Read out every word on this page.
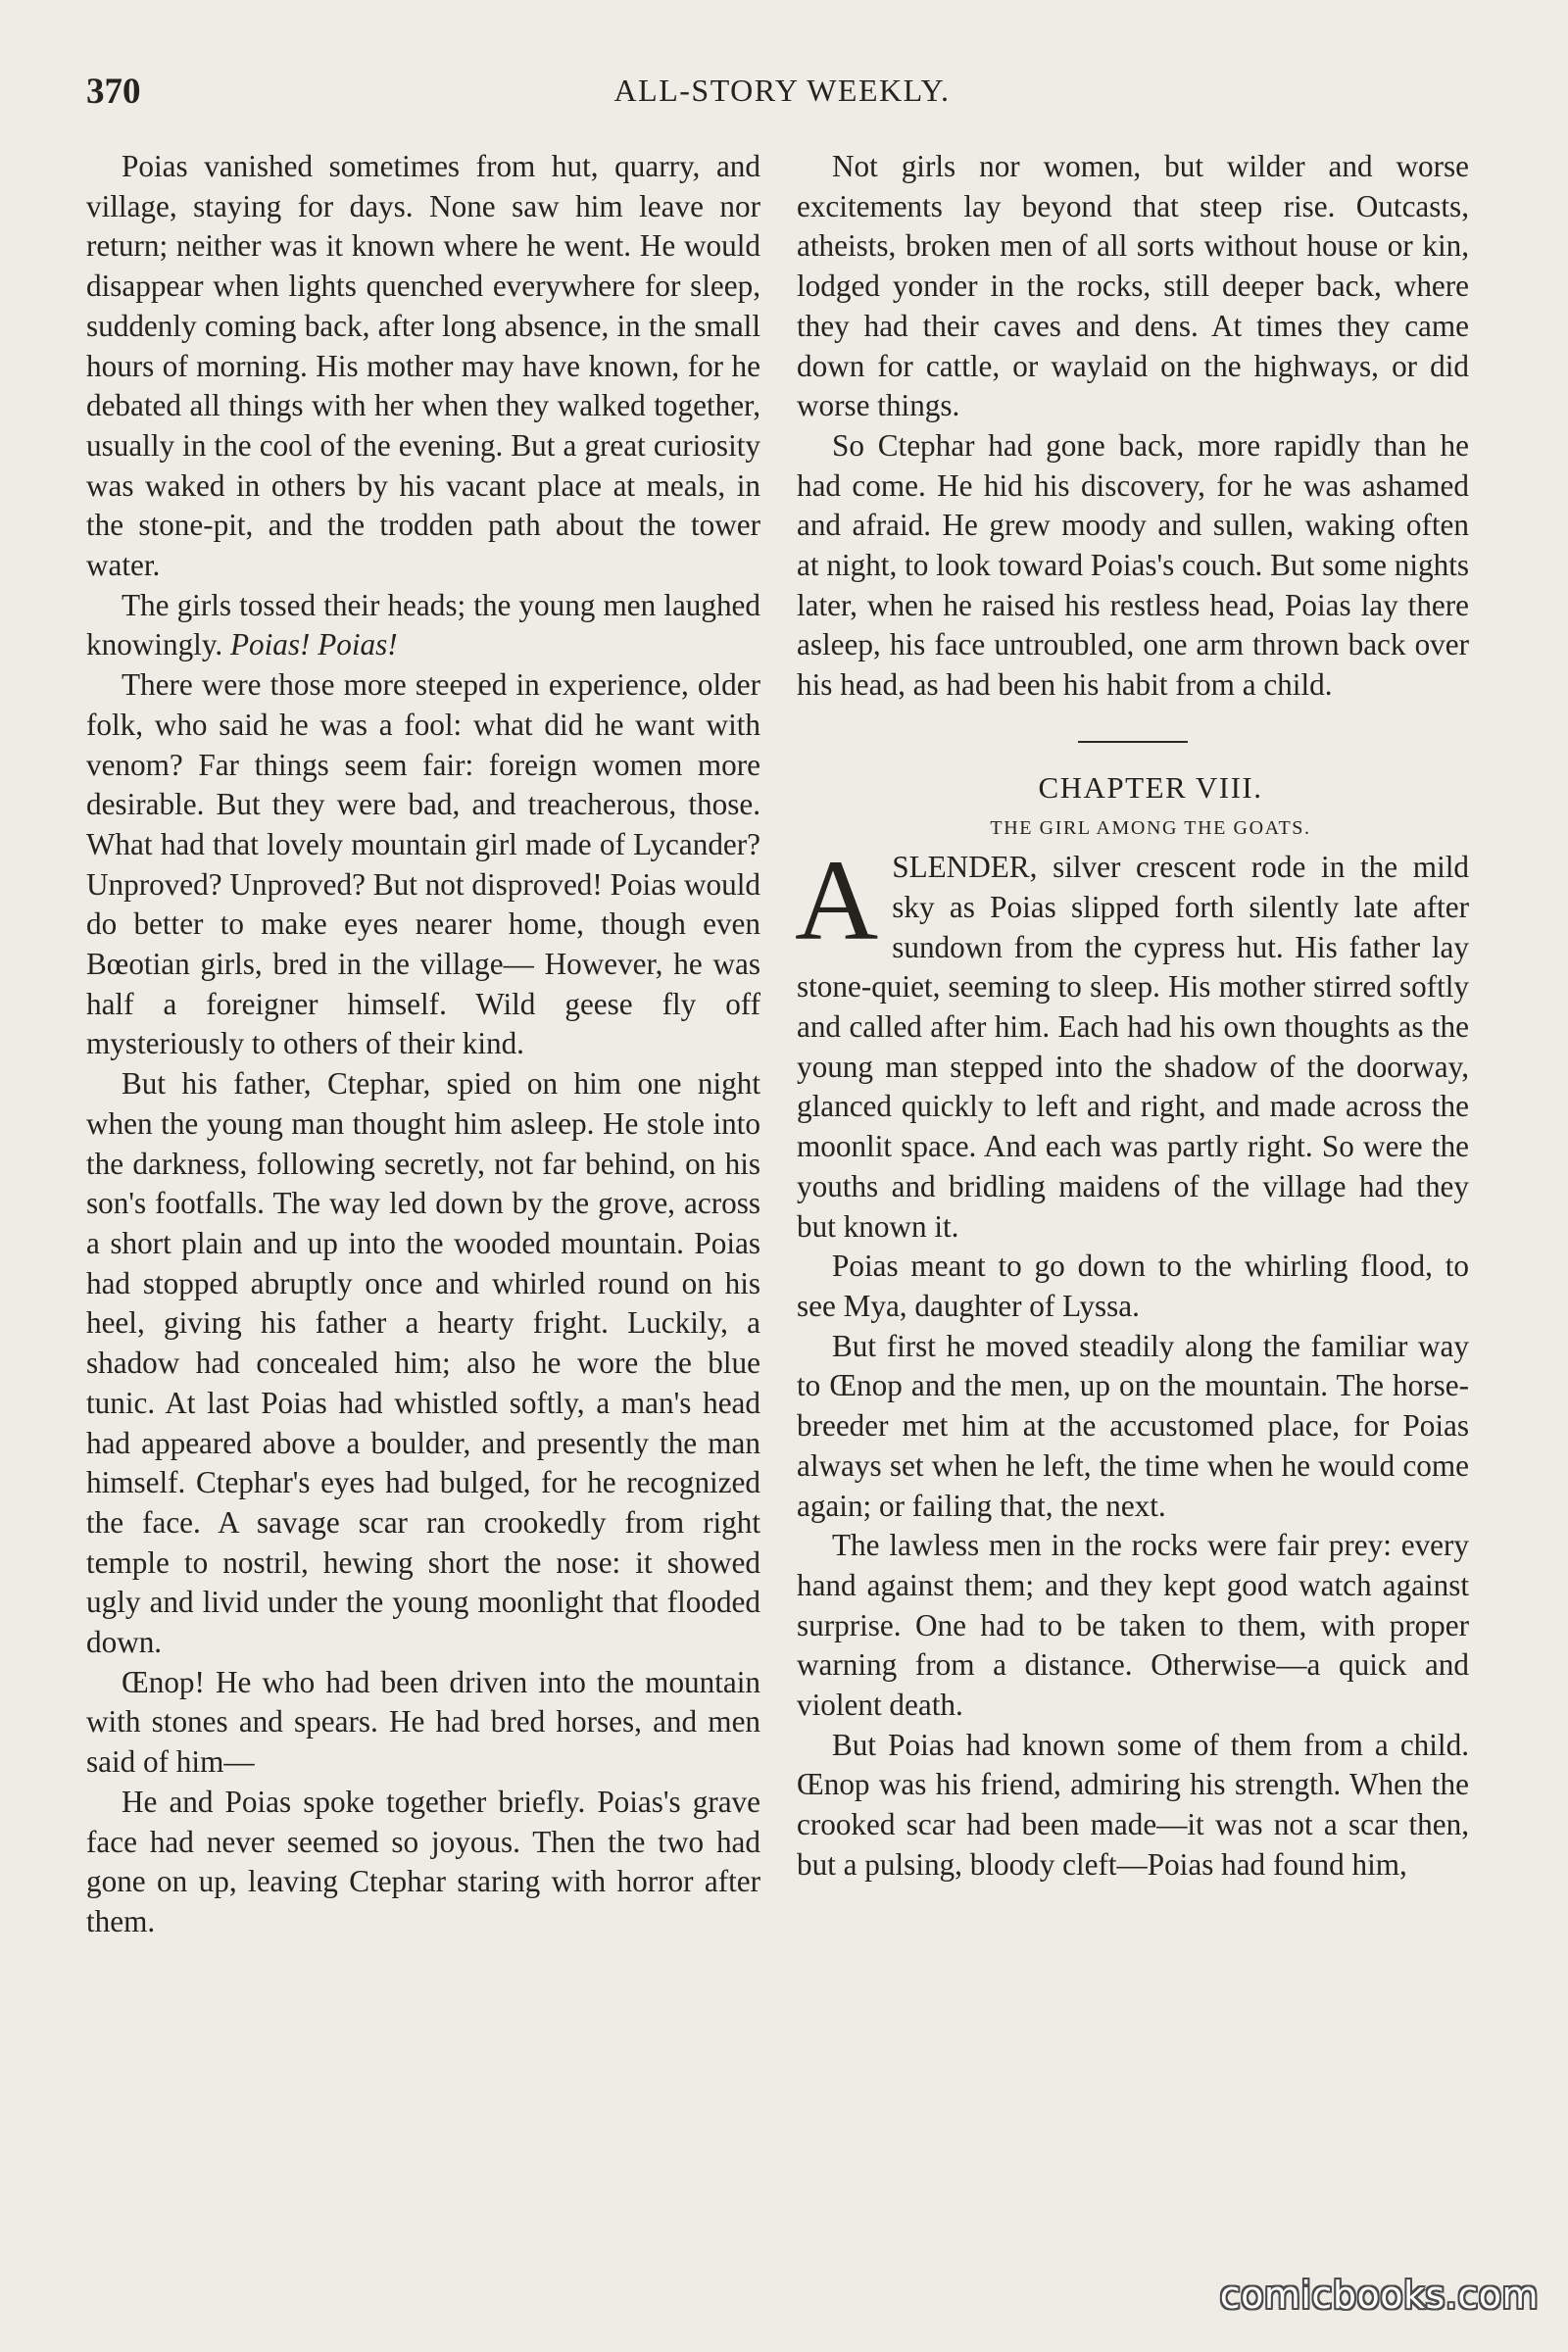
370	ALL-STORY WEEKLY.

Poias vanished sometimes from hut, quarry, and village, staying for days. None saw him leave nor return; neither was it known where he went. He would disappear when lights quenched everywhere for sleep, suddenly coming back, after long absence, in the small hours of morning. His mother may have known, for he debated all things with her when they walked together, usually in the cool of the evening. But a great curiosity was waked in others by his vacant place at meals, in the stone-pit, and the trodden path about the tower water.

The girls tossed their heads; the young men laughed knowingly. Poias! Poias!

There were those more steeped in experience, older folk, who said he was a fool: what did he want with venom? Far things seem fair: foreign women more desirable. But they were bad, and treacherous, those. What had that lovely mountain girl made of Lycander? Unproved? Unproved? But not disproved! Poias would do better to make eyes nearer home, though even Bœotian girls, bred in the village— However, he was half a foreigner himself. Wild geese fly off mysteriously to others of their kind.

But his father, Ctephar, spied on him one night when the young man thought him asleep. He stole into the darkness, following secretly, not far behind, on his son's footfalls. The way led down by the grove, across a short plain and up into the wooded mountain. Poias had stopped abruptly once and whirled round on his heel, giving his father a hearty fright. Luckily, a shadow had concealed him; also he wore the blue tunic. At last Poias had whistled softly, a man's head had appeared above a boulder, and presently the man himself. Ctephar's eyes had bulged, for he recognized the face. A savage scar ran crookedly from right temple to nostril, hewing short the nose: it showed ugly and livid under the young moonlight that flooded down.

Œnop! He who had been driven into the mountain with stones and spears. He had bred horses, and men said of him—

He and Poias spoke together briefly. Poias's grave face had never seemed so joyous. Then the two had gone on up, leaving Ctephar staring with horror after them.

Not girls nor women, but wilder and worse excitements lay beyond that steep rise. Outcasts, atheists, broken men of all sorts without house or kin, lodged yonder in the rocks, still deeper back, where they had their caves and dens. At times they came down for cattle, or waylaid on the highways, or did worse things.

So Ctephar had gone back, more rapidly than he had come. He hid his discovery, for he was ashamed and afraid. He grew moody and sullen, waking often at night, to look toward Poias's couch. But some nights later, when he raised his restless head, Poias lay there asleep, his face untroubled, one arm thrown back over his head, as had been his habit from a child.

CHAPTER VIII.

THE GIRL AMONG THE GOATS.

ASLENDER, silver crescent rode in the mild sky as Poias slipped forth silently late after sundown from the cypress hut. His father lay stone-quiet, seeming to sleep. His mother stirred softly and called after him. Each had his own thoughts as the young man stepped into the shadow of the doorway, glanced quickly to left and right, and made across the moonlit space. And each was partly right. So were the youths and bridling maidens of the village had they but known it.

Poias meant to go down to the whirling flood, to see Mya, daughter of Lyssa.

But first he moved steadily along the familiar way to Œnop and the men, up on the mountain. The horse-breeder met him at the accustomed place, for Poias always set when he left, the time when he would come again; or failing that, the next.

The lawless men in the rocks were fair prey: every hand against them; and they kept good watch against surprise. One had to be taken to them, with proper warning from a distance. Otherwise—a quick and violent death.

But Poias had known some of them from a child. Œnop was his friend, admiring his strength. When the crooked scar had been made—it was not a scar then, but a pulsing, bloody cleft—Poias had found him,

comicbooks.com
